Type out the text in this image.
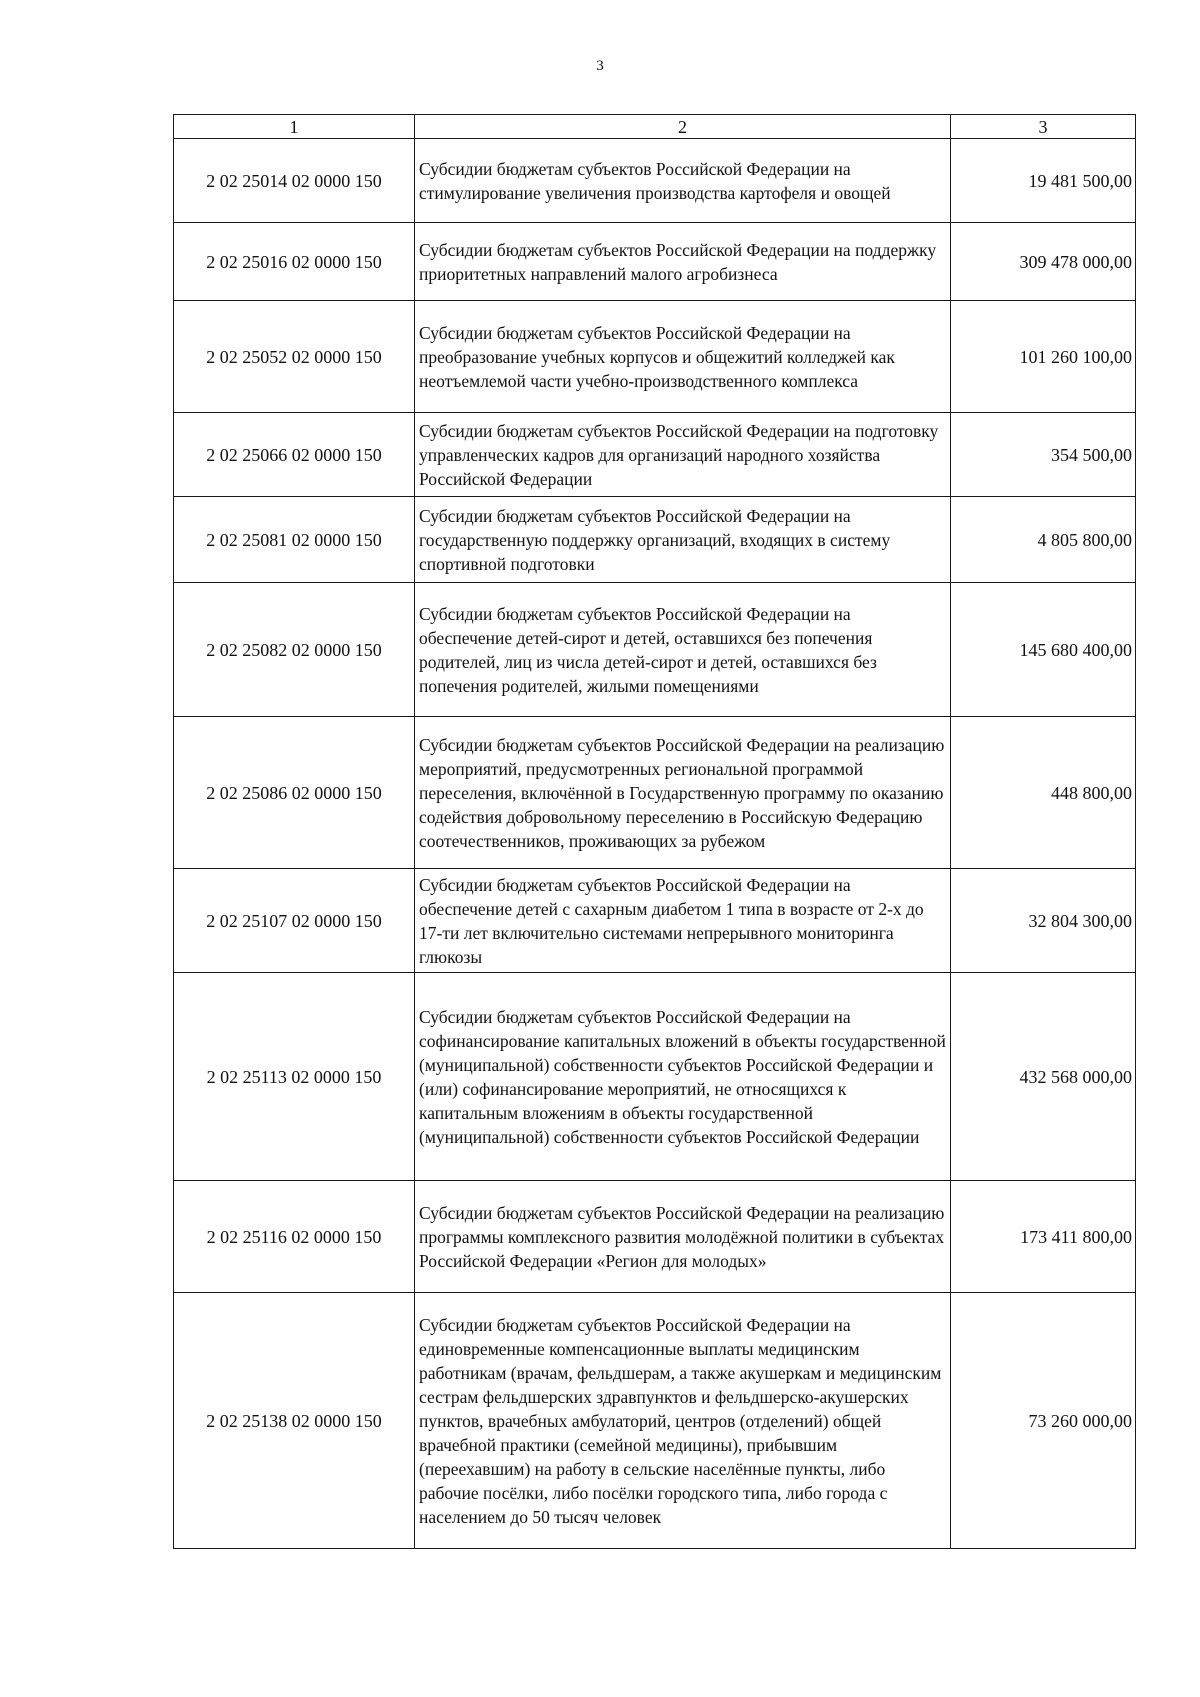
3
1	2	3
2 02 25014 02 0000 150	Субсидии бюджетам субъектов Российской Федерации на стимулирование увеличения производства картофеля и овощей	19 481 500,00
2 02 25016 02 0000 150	Субсидии бюджетам субъектов Российской Федерации на поддержку приоритетных направлений малого агробизнеса	309 478 000,00
2 02 25052 02 0000 150	Субсидии бюджетам субъектов Российской Федерации на преобразование учебных корпусов и общежитий колледжей как неотъемлемой части учебно-производственного комплекса	101 260 100,00
2 02 25066 02 0000 150	Субсидии бюджетам субъектов Российской Федерации на подготовку управленческих кадров для организаций народного хозяйства Российской Федерации	354 500,00
2 02 25081 02 0000 150	Субсидии бюджетам субъектов Российской Федерации на государственную поддержку организаций, входящих в систему спортивной подготовки	4 805 800,00
2 02 25082 02 0000 150	Субсидии бюджетам субъектов Российской Федерации на обеспечение детей-сирот и детей, оставшихся без попечения родителей, лиц из числа детей-сирот и детей, оставшихся без попечения родителей, жилыми помещениями	145 680 400,00
2 02 25086 02 0000 150	Субсидии бюджетам субъектов Российской Федерации на реализацию мероприятий, предусмотренных региональной программой переселения, включённой в Государственную программу по оказанию содействия добровольному переселению в Российскую Федерацию соотечественников, проживающих за рубежом	448 800,00
2 02 25107 02 0000 150	Субсидии бюджетам субъектов Российской Федерации на обеспечение детей с сахарным диабетом 1 типа в возрасте от 2-х до 17-ти лет включительно системами непрерывного мониторинга глюкозы	32 804 300,00
2 02 25113 02 0000 150	Субсидии бюджетам субъектов Российской Федерации на софинансирование капитальных вложений в объекты государственной (муниципальной) собственности субъектов Российской Федерации и (или) софинансирование мероприятий, не относящихся к капитальным вложениям в объекты государственной (муниципальной) собственности субъектов Российской Федерации	432 568 000,00
2 02 25116 02 0000 150	Субсидии бюджетам субъектов Российской Федерации на реализацию программы комплексного развития молодёжной политики в субъектах Российской Федерации «Регион для молодых»	173 411 800,00
2 02 25138 02 0000 150	Субсидии бюджетам субъектов Российской Федерации на единовременные компенсационные выплаты медицинским работникам (врачам, фельдшерам, а также акушеркам и медицинским сестрам фельдшерских здравпунктов и фельдшерско-акушерских пунктов, врачебных амбулаторий, центров (отделений) общей врачебной практики (семейной медицины), прибывшим (переехавшим) на работу в сельские населённые пункты, либо рабочие посёлки, либо посёлки городского типа, либо города с населением до 50 тысяч человек	73 260 000,00
